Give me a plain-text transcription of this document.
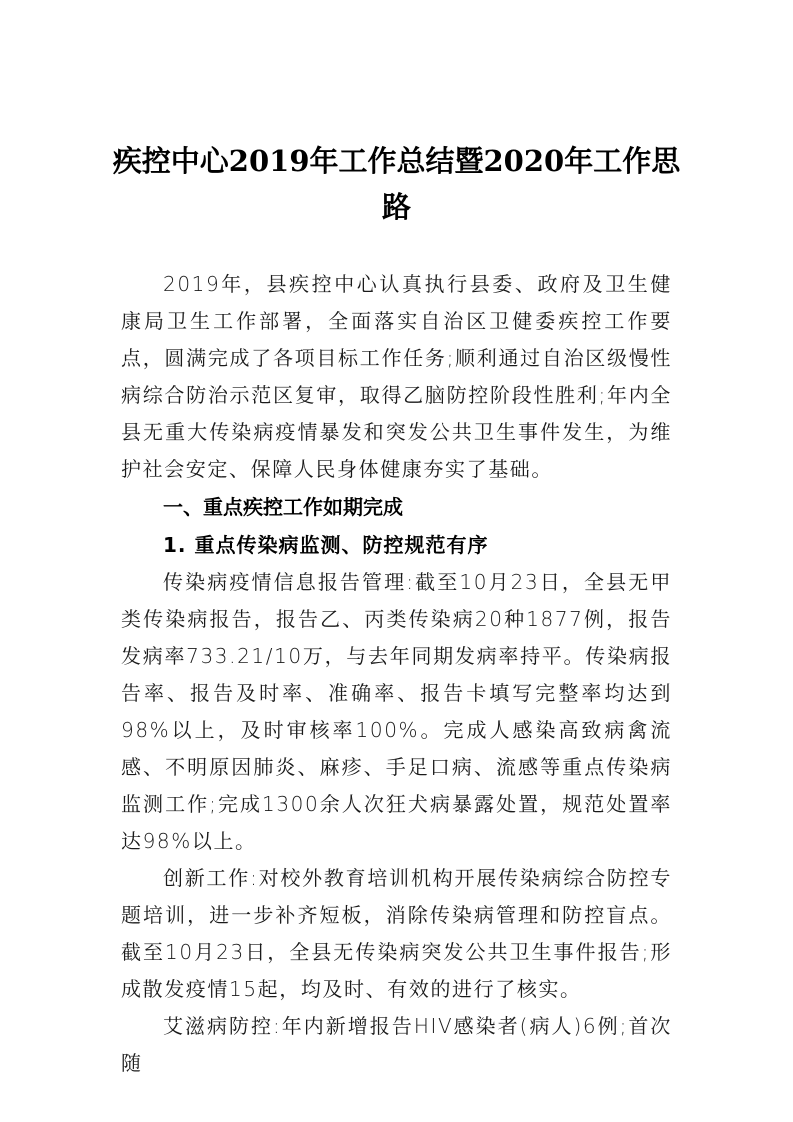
疾控中心2019年工作总结暨2020年工作思路

2019年，县疾控中心认真执行县委、政府及卫生健康局卫生工作部署，全面落实自治区卫健委疾控工作要点，圆满完成了各项目标工作任务;顺利通过自治区级慢性病综合防治示范区复审，取得乙脑防控阶段性胜利;年内全县无重大传染病疫情暴发和突发公共卫生事件发生，为维护社会安定、保障人民身体健康夯实了基础。

一、重点疾控工作如期完成

1. 重点传染病监测、防控规范有序

传染病疫情信息报告管理:截至10月23日，全县无甲类传染病报告，报告乙、丙类传染病20种1877例，报告发病率733.21/10万，与去年同期发病率持平。传染病报告率、报告及时率、准确率、报告卡填写完整率均达到98%以上，及时审核率100%。完成人感染高致病禽流感、不明原因肺炎、麻疹、手足口病、流感等重点传染病监测工作;完成1300余人次狂犬病暴露处置，规范处置率达98%以上。

创新工作:对校外教育培训机构开展传染病综合防控专题培训，进一步补齐短板，消除传染病管理和防控盲点。截至10月23日，全县无传染病突发公共卫生事件报告;形成散发疫情15起，均及时、有效的进行了核实。

艾滋病防控:年内新增报告HIV感染者(病人)6例;首次随
